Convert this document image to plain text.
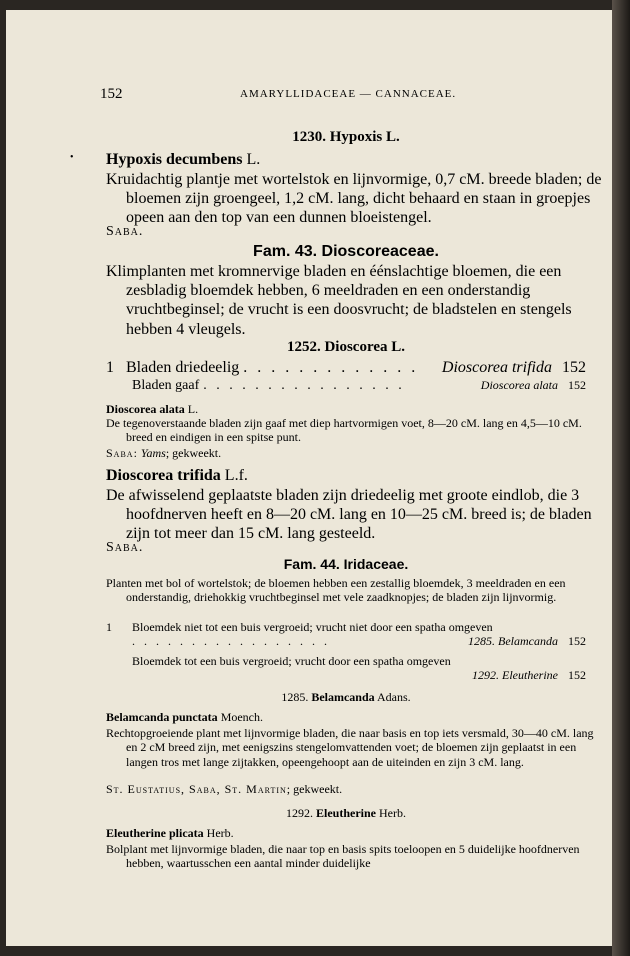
152	AMARYLLIDACEAE — CANNACEAE.
•
1230. Hypoxis L.
Hypoxis decumbens L.

Kruidachtig plantje met wortelstok en lijnvormige, 0,7 cM. breede bladen; de bloemen zijn groengeel, 1,2 cM. lang, dicht behaard en staan in groepjes opeen aan den top van een dunnen bloeistengel.

Saba.
Fam. 43. Dioscoreaceae.

Klimplanten met kromnervige bladen en éénslachtige bloemen, die een zesbladig bloemdek hebben, 6 meeldraden en een onderstandig vruchtbeginsel; de vrucht is een doosvrucht; de bladstelen en stengels hebben 4 vleugels.

1252. Dioscorea L.
1 Bladen driedeelig . . . . . . . . . . . . .	Dioscorea trifida 152
Bladen gaaf . . . . . . . . . . . . . . . .	Dioscorea alata 152
Dioscorea alata L.

De tegenoverstaande bladen zijn gaaf met diep hartvormigen voet, 8—20 cM. lang en 4,5—10 cM. breed en eindigen in een spitse punt.

Saba: Yams; gekweekt.
Dioscorea trifida L.f.

De afwisselend geplaatste bladen zijn driedeelig met groote eindlob, die 3 hoofdnerven heeft en 8—20 cM. lang en 10—25 cM. breed is; de bladen zijn tot meer dan 15 cM. lang gesteeld.

Saba.
Fam. 44. Iridaceae.

Planten met bol of wortelstok; de bloemen hebben een zestallig bloemdek, 3 meeldraden en een onderstandig, driehokkig vruchtbeginsel met vele zaadknopjes; de bladen zijn lijnvormig.

1	Bloemdek niet tot een buis vergroeid; vrucht niet door een spatha omgeven
. . . . . . . . . . . . . . . . .	1285. Belamcanda 152
Bloemdek tot een buis vergroeid; vrucht door een spatha omgeven
1292. Eleutherine 152
1285. Belamcanda Adans.
Belamcanda punctata Moench.

Rechtopgroeiende plant met lijnvormige bladen, die naar basis en top iets versmald, 30—40 cM. lang en 2 cM breed zijn, met eenigszins stengelomvattenden voet; de bloemen zijn geplaatst in een langen tros met lange zijtakken, opeengehoopt aan de uiteinden en zijn 3 cM. lang.

St. Eustatius, Saba, St. Martin; gekweekt.
1292. Eleutherine Herb.
Eleutherine plicata Herb.

Bolplant met lijnvormige bladen, die naar top en basis spits toeloopen en 5 duidelijke hoofdnerven hebben, waartusschen een aantal minder duidelijke
